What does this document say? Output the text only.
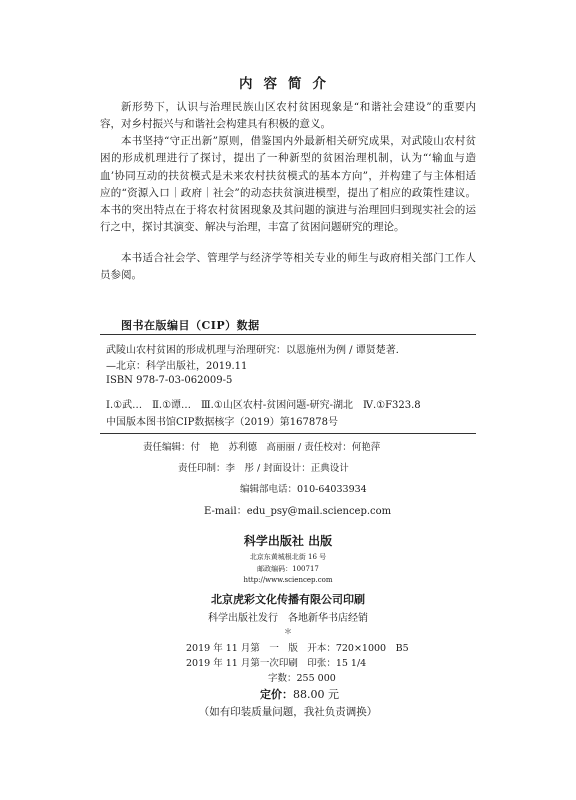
内容简介
新形势下，认识与治理民族山区农村贫困现象是“和谐社会建设”的重要内容，对乡村振兴与和谐社会构建具有积极的意义。
本书坚持“守正出新”原则，借鉴国内外最新相关研究成果，对武陵山农村贫困的形成机理进行了探讨，提出了一种新型的贫困治理机制，认为“‘输血与造血’协同互动的扶贫模式是未来农村扶贫模式的基本方向”，并构建了与主体相适应的“资源入口｜政府｜社会”的动态扶贫演进模型，提出了相应的政策性建议。本书的突出特点在于将农村贫困现象及其问题的演进与治理回归到现实社会的运行之中，探讨其演变、解决与治理，丰富了贫困问题研究的理论。
本书适合社会学、管理学与经济学等相关专业的师生与政府相关部门工作人员参阅。
图书在版编目（CIP）数据
武陵山农村贫困的形成机理与治理研究：以恩施州为例 / 谭贤楚著．
—北京：科学出版社，2019.11
ISBN 978-7-03-062009-5
Ⅰ.①武…　Ⅱ.①谭…　Ⅲ.①山区农村-贫困问题-研究-湖北　Ⅳ.①F323.8
中国版本图书馆CIP数据核字（2019）第167878号
责任编辑：付　艳　苏利德　高丽丽 / 责任校对：何艳萍
责任印制：李　彤 / 封面设计：正典设计
编辑部电话：010-64033934
E-mail：edu_psy@mail.sciencep.com
科学出版社 出版
北京东黄城根北街 16 号
邮政编码：100717
http://www.sciencep.com
北京虎彩文化传播有限公司印刷
科学出版社发行　各地新华书店经销
＊
2019 年 11 月第　一　版　开本：720×1000　B5
2019 年 11 月第一次印刷　印张：15 1/4
字数：255 000
定价：88.00 元
（如有印装质量问题，我社负责调换）
